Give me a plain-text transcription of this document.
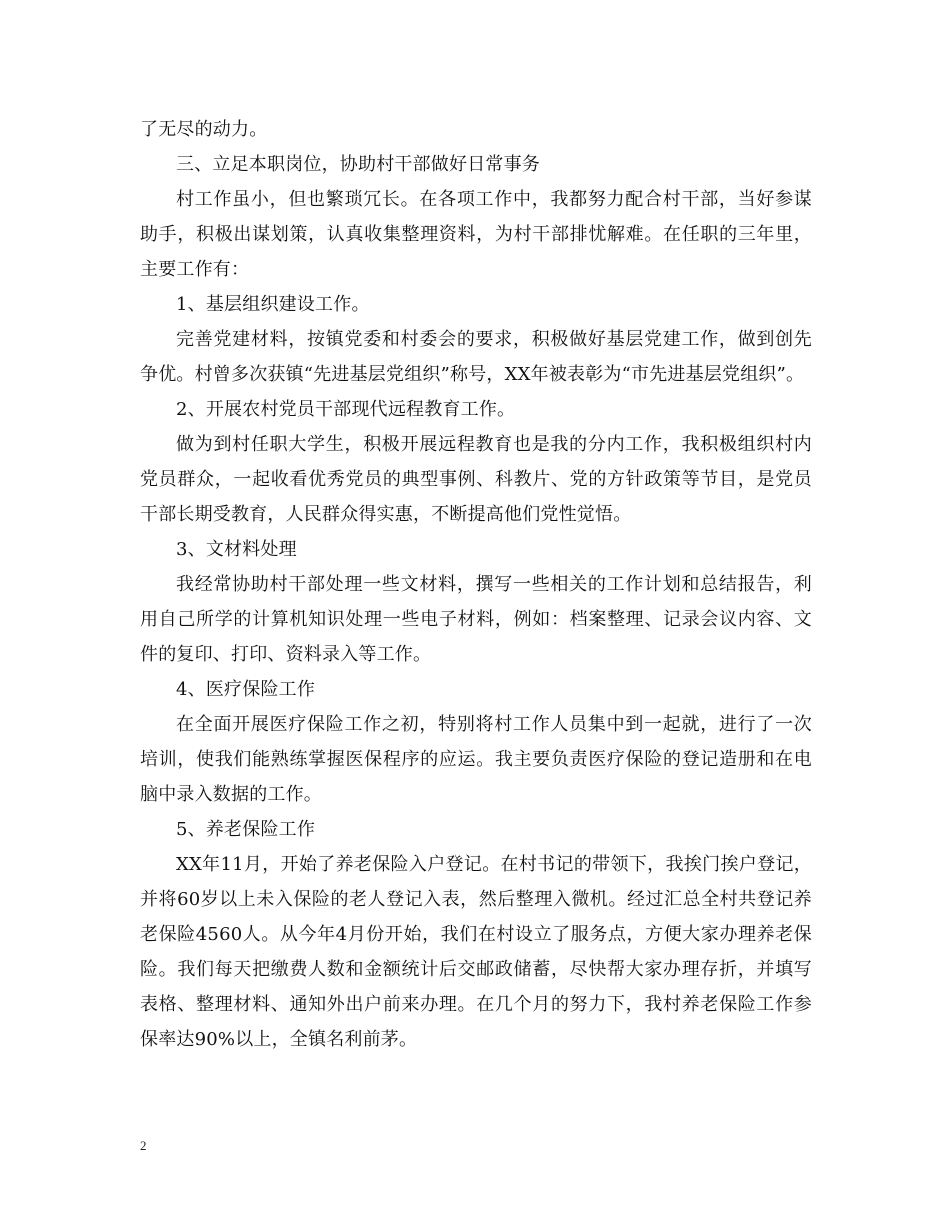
了无尽的动力。

三、立足本职岗位，协助村干部做好日常事务

村工作虽小，但也繁琐冗长。在各项工作中，我都努力配合村干部，当好参谋助手，积极出谋划策，认真收集整理资料，为村干部排忧解难。在任职的三年里，主要工作有：

1、基层组织建设工作。

完善党建材料，按镇党委和村委会的要求，积极做好基层党建工作，做到创先争优。村曾多次获镇“先进基层党组织”称号，XX年被表彰为“市先进基层党组织”。

2、开展农村党员干部现代远程教育工作。

做为到村任职大学生，积极开展远程教育也是我的分内工作，我积极组织村内党员群众，一起收看优秀党员的典型事例、科教片、党的方针政策等节目，是党员干部长期受教育，人民群众得实惠，不断提高他们党性觉悟。

3、文材料处理

我经常协助村干部处理一些文材料，撰写一些相关的工作计划和总结报告，利用自己所学的计算机知识处理一些电子材料，例如：档案整理、记录会议内容、文件的复印、打印、资料录入等工作。

4、医疗保险工作

在全面开展医疗保险工作之初，特别将村工作人员集中到一起就，进行了一次培训，使我们能熟练掌握医保程序的应运。我主要负责医疗保险的登记造册和在电脑中录入数据的工作。

5、养老保险工作

XX年11月，开始了养老保险入户登记。在村书记的带领下，我挨门挨户登记，并将60岁以上未入保险的老人登记入表，然后整理入微机。经过汇总全村共登记养老保险4560人。从今年4月份开始，我们在村设立了服务点，方便大家办理养老保险。我们每天把缴费人数和金额统计后交邮政储蓄，尽快帮大家办理存折，并填写表格、整理材料、通知外出户前来办理。在几个月的努力下，我村养老保险工作参保率达90%以上，全镇名利前茅。

2
